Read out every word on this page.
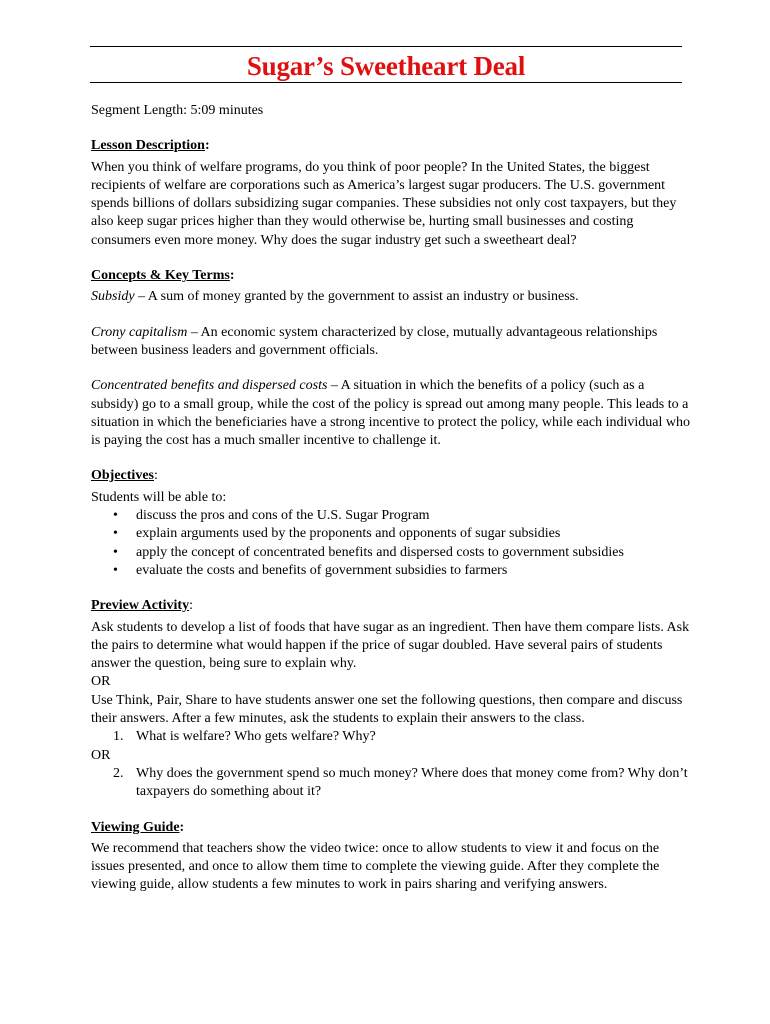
Sugar’s Sweetheart Deal

Segment Length: 5:09 minutes

Lesson Description:

When you think of welfare programs, do you think of poor people? In the United States, the biggest recipients of welfare are corporations such as America’s largest sugar producers. The U.S. government spends billions of dollars subsidizing sugar companies. These subsidies not only cost taxpayers, but they also keep sugar prices higher than they would otherwise be, hurting small businesses and costing consumers even more money. Why does the sugar industry get such a sweetheart deal?

Concepts & Key Terms:

Subsidy – A sum of money granted by the government to assist an industry or business.

Crony capitalism – An economic system characterized by close, mutually advantageous relationships between business leaders and government officials.

Concentrated benefits and dispersed costs – A situation in which the benefits of a policy (such as a subsidy) go to a small group, while the cost of the policy is spread out among many people. This leads to a situation in which the beneficiaries have a strong incentive to protect the policy, while each individual who is paying the cost has a much smaller incentive to challenge it.

Objectives:

Students will be able to:

• discuss the pros and cons of the U.S. Sugar Program
• explain arguments used by the proponents and opponents of sugar subsidies
• apply the concept of concentrated benefits and dispersed costs to government subsidies
• evaluate the costs and benefits of government subsidies to farmers

Preview Activity:

Ask students to develop a list of foods that have sugar as an ingredient. Then have them compare lists. Ask the pairs to determine what would happen if the price of sugar doubled. Have several pairs of students answer the question, being sure to explain why.

OR

Use Think, Pair, Share to have students answer one set the following questions, then compare and discuss their answers. After a few minutes, ask the students to explain their answers to the class.

1. What is welfare? Who gets welfare? Why?

OR

2. Why does the government spend so much money? Where does that money come from? Why don’t taxpayers do something about it?

Viewing Guide:

We recommend that teachers show the video twice: once to allow students to view it and focus on the issues presented, and once to allow them time to complete the viewing guide. After they complete the viewing guide, allow students a few minutes to work in pairs sharing and verifying answers.
